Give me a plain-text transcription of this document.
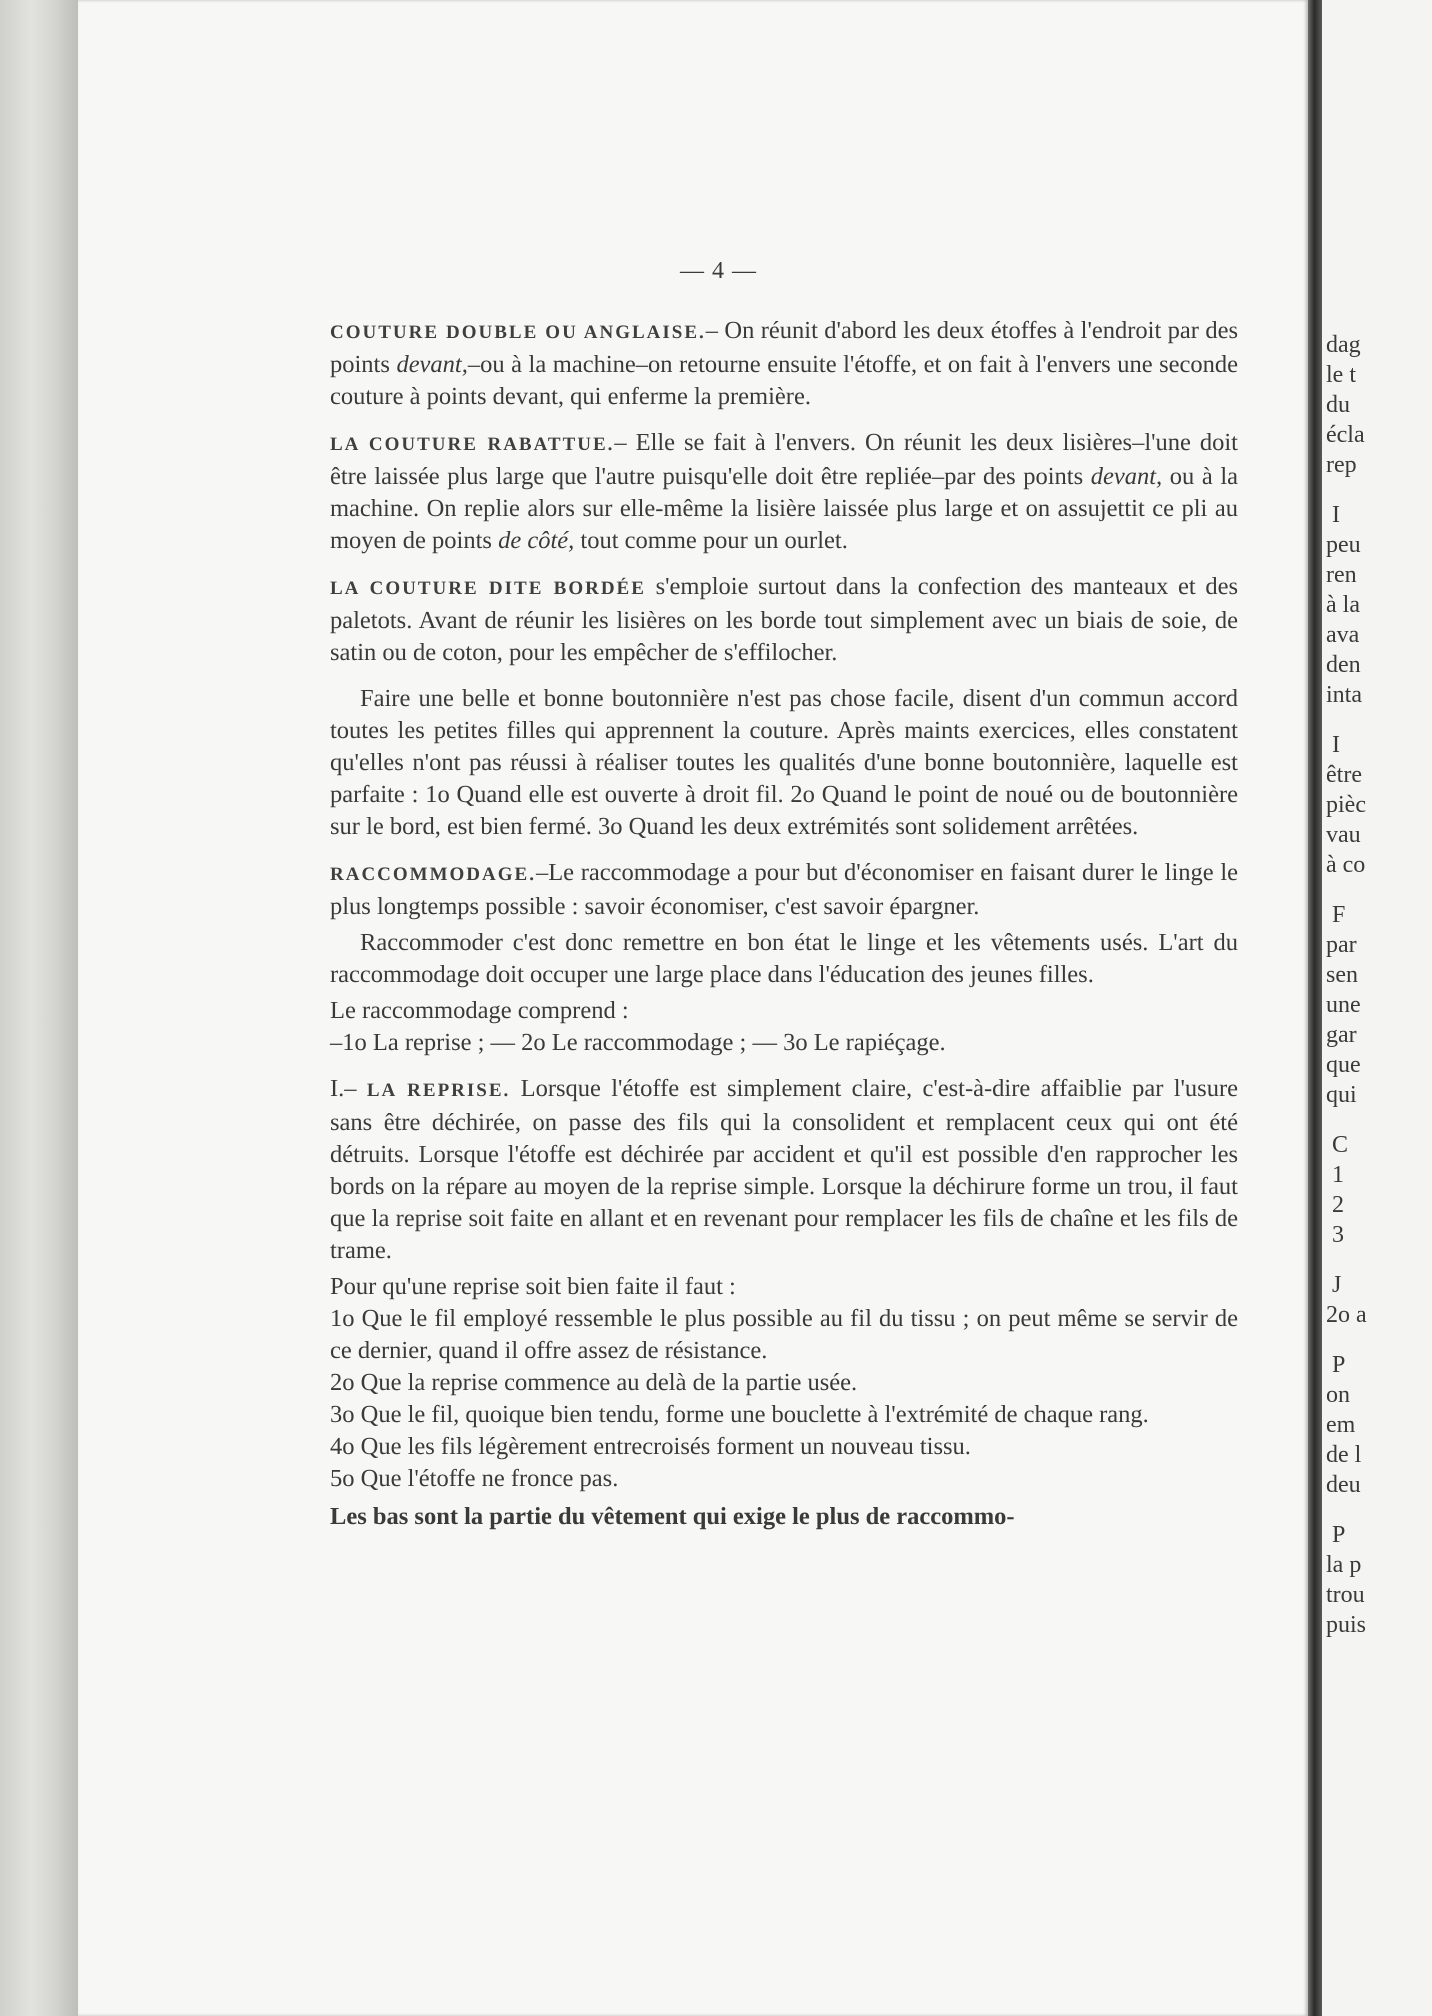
— 4 —

COUTURE DOUBLE OU ANGLAISE.– On réunit d'abord les deux étoffes à l'endroit par des points devant,–ou à la machine–on retourne ensuite l'étoffe, et on fait à l'envers une seconde couture à points devant, qui enferme la première.

LA COUTURE RABATTUE.– Elle se fait à l'envers. On réunit les deux lisières–l'une doit être laissée plus large que l'autre puisqu'elle doit être repliée–par des points devant, ou à la machine. On replie alors sur elle-même la lisière laissée plus large et on assujettit ce pli au moyen de points de côté, tout comme pour un ourlet.

LA COUTURE DITE BORDÉE s'emploie surtout dans la confection des manteaux et des paletots. Avant de réunir les lisières on les borde tout simplement avec un biais de soie, de satin ou de coton, pour les empêcher de s'effilocher.

Faire une belle et bonne boutonnière n'est pas chose facile, disent d'un commun accord toutes les petites filles qui apprennent la couture. Après maints exercices, elles constatent qu'elles n'ont pas réussi à réaliser toutes les qualités d'une bonne boutonnière, laquelle est parfaite : 1o Quand elle est ouverte à droit fil. 2o Quand le point de noué ou de boutonnière sur le bord, est bien fermé. 3o Quand les deux extrémités sont solidement arrêtées.

RACCOMMODAGE.–Le raccommodage a pour but d'économiser en faisant durer le linge le plus longtemps possible : savoir économiser, c'est savoir épargner.

Raccommoder c'est donc remettre en bon état le linge et les vêtements usés. L'art du raccommodage doit occuper une large place dans l'éducation des jeunes filles.

Le raccommodage comprend :

–1o La reprise ; — 2o Le raccommodage ; — 3o Le rapiéçage.

I.– LA REPRISE. Lorsque l'étoffe est simplement claire, c'est-à-dire affaiblie par l'usure sans être déchirée, on passe des fils qui la consolident et remplacent ceux qui ont été détruits. Lorsque l'étoffe est déchirée par accident et qu'il est possible d'en rapprocher les bords on la répare au moyen de la reprise simple. Lorsque la déchirure forme un trou, il faut que la reprise soit faite en allant et en revenant pour remplacer les fils de chaîne et les fils de trame.

Pour qu'une reprise soit bien faite il faut :

1o Que le fil employé ressemble le plus possible au fil du tissu ; on peut même se servir de ce dernier, quand il offre assez de résistance.

2o Que la reprise commence au delà de la partie usée.

3o Que le fil, quoique bien tendu, forme une bouclette à l'extrémité de chaque rang.

4o Que les fils légèrement entrecroisés forment un nouveau tissu.

5o Que l'étoffe ne fronce pas.

Les bas sont la partie du vêtement qui exige le plus de raccommo-

dag

le t

du

écla

rep

I

peu

ren

à la

ava

den

inta

I

être

pièc

vau

à co

F

par

sen

une

gar

que

qui

C

1

2

3

J

2o a

P

on

em

de l

deu

P

la p

trou

puis
